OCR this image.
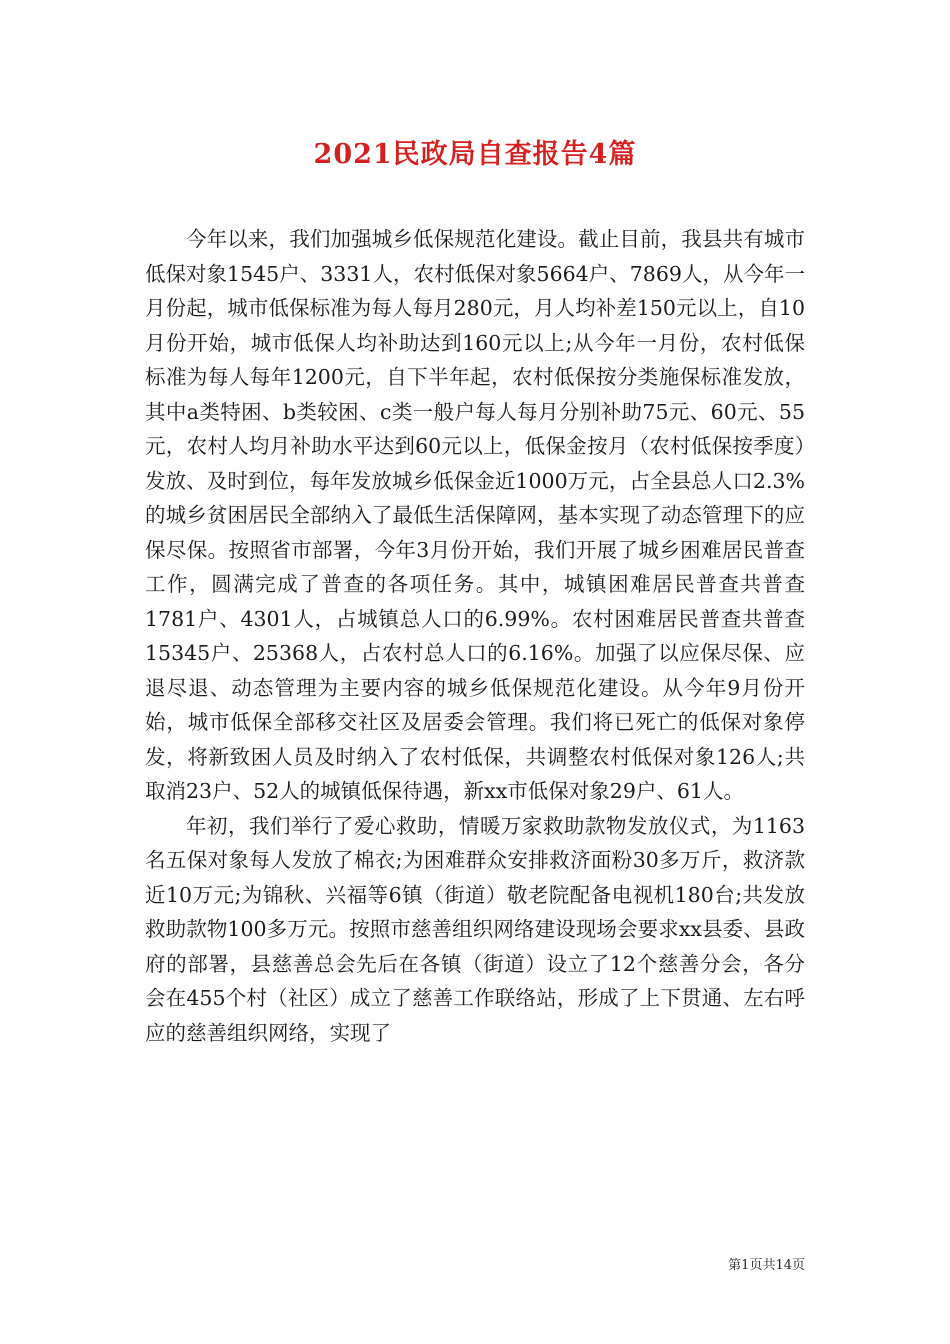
2021民政局自查报告4篇

今年以来，我们加强城乡低保规范化建设。截止目前，我县共有城市低保对象1545户、3331人，农村低保对象5664户、7869人，从今年一月份起，城市低保标准为每人每月280元，月人均补差150元以上，自10月份开始，城市低保人均补助达到160元以上;从今年一月份，农村低保标准为每人每年1200元，自下半年起，农村低保按分类施保标准发放，其中a类特困、b类较困、c类一般户每人每月分别补助75元、60元、55元，农村人均月补助水平达到60元以上，低保金按月（农村低保按季度）发放、及时到位，每年发放城乡低保金近1000万元，占全县总人口2.3%的城乡贫困居民全部纳入了最低生活保障网，基本实现了动态管理下的应保尽保。按照省市部署，今年3月份开始，我们开展了城乡困难居民普查工作，圆满完成了普查的各项任务。其中，城镇困难居民普查共普查1781户、4301人，占城镇总人口的6.99%。农村困难居民普查共普查15345户、25368人，占农村总人口的6.16%。加强了以应保尽保、应退尽退、动态管理为主要内容的城乡低保规范化建设。从今年9月份开始，城市低保全部移交社区及居委会管理。我们将已死亡的低保对象停发，将新致困人员及时纳入了农村低保，共调整农村低保对象126人;共取消23户、52人的城镇低保待遇，新xx市低保对象29户、61人。

年初，我们举行了爱心救助，情暖万家救助款物发放仪式，为1163名五保对象每人发放了棉衣;为困难群众安排救济面粉30多万斤，救济款近10万元;为锦秋、兴福等6镇（街道）敬老院配备电视机180台;共发放救助款物100多万元。按照市慈善组织网络建设现场会要求xx县委、县政府的部署，县慈善总会先后在各镇（街道）设立了12个慈善分会，各分会在455个村（社区）成立了慈善工作联络站，形成了上下贯通、左右呼应的慈善组织网络，实现了

第1页共14页
